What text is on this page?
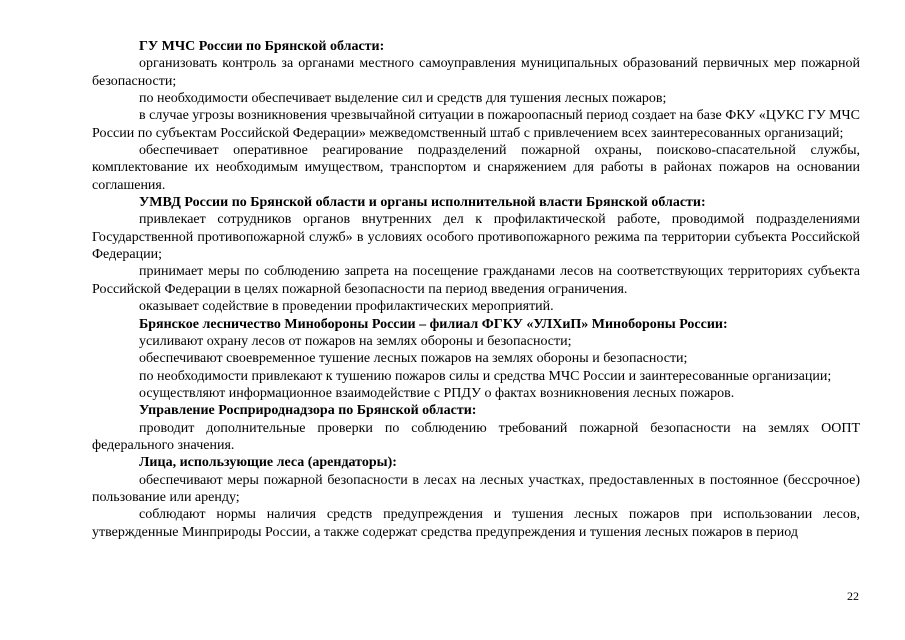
ГУ МЧС России по Брянской области:

организовать контроль за органами местного самоуправления муниципальных образований первичных мер пожарной безопасности;

по необходимости обеспечивает выделение сил и средств для тушения лесных пожаров;

в случае угрозы возникновения чрезвычайной ситуации в пожароопасный период создает на базе ФКУ «ЦУКС ГУ МЧС России по субъектам Российской Федерации» межведомственный штаб с привлечением всех заинтересованных организаций;

обеспечивает оперативное реагирование подразделений пожарной охраны, поисково-спасательной службы, комплектование их необходимым имуществом, транспортом и снаряжением для работы в районах пожаров на основании соглашения.

УМВД России по Брянской области и органы исполнительной власти Брянской области:

привлекает сотрудников органов внутренних дел к профилактической работе, проводимой подразделениями Государственной противопожарной служб» в условиях особого противопожарного режима па территории субъекта Российской Федерации;

принимает меры по соблюдению запрета на посещение гражданами лесов на соответствующих территориях субъекта Российской Федерации в целях пожарной безопасности па период введения ограничения.

оказывает содействие в проведении профилактических мероприятий.

Брянское лесничество Минобороны России – филиал ФГКУ «УЛХиП» Минобороны России:

усиливают охрану лесов от пожаров на землях обороны и безопасности;

обеспечивают своевременное тушение лесных пожаров на землях обороны и безопасности;

по необходимости привлекают к тушению пожаров силы и средства МЧС России и заинтересованные организации;

осуществляют информационное взаимодействие с РПДУ о фактах возникновения лесных пожаров.

Управление Росприроднадзора по Брянской области:

проводит дополнительные проверки по соблюдению требований пожарной безопасности на землях ООПТ федерального значения.

Лица, использующие леса (арендаторы):

обеспечивают меры пожарной безопасности в лесах на лесных участках, предоставленных в постоянное (бессрочное) пользование или аренду;

соблюдают нормы наличия средств предупреждения и тушения лесных пожаров при использовании лесов, утвержденные Минприроды России, а также содержат средства предупреждения и тушения лесных пожаров в период

22
